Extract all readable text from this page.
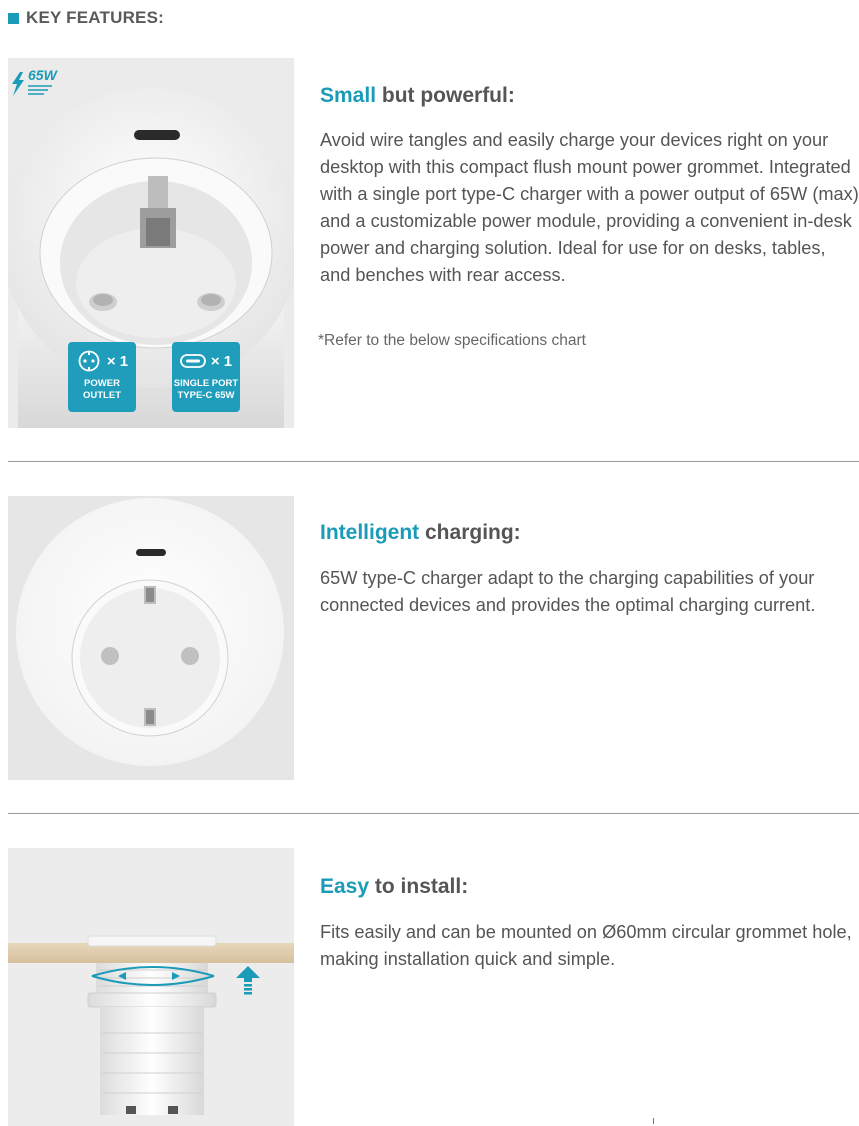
KEY FEATURES:
65W
× 1
POWER
OUTLET
× 1
SINGLE PORT
TYPE-C 65W
Small but powerful:
Avoid wire tangles and easily charge your devices right on your desktop with this compact flush mount power grommet. Integrated with a single port type-C charger with a power output of 65W (max) and a customizable power module, providing a convenient in-desk power and charging solution. Ideal for use for on desks, tables, and benches with rear access.
*Refer to the below specifications chart
Intelligent charging:
65W type-C charger adapt to the charging capabilities of your connected devices and provides the optimal charging current.
Easy to install:
Fits easily and can be mounted on Ø60mm circular grommet hole, making installation quick and simple.
